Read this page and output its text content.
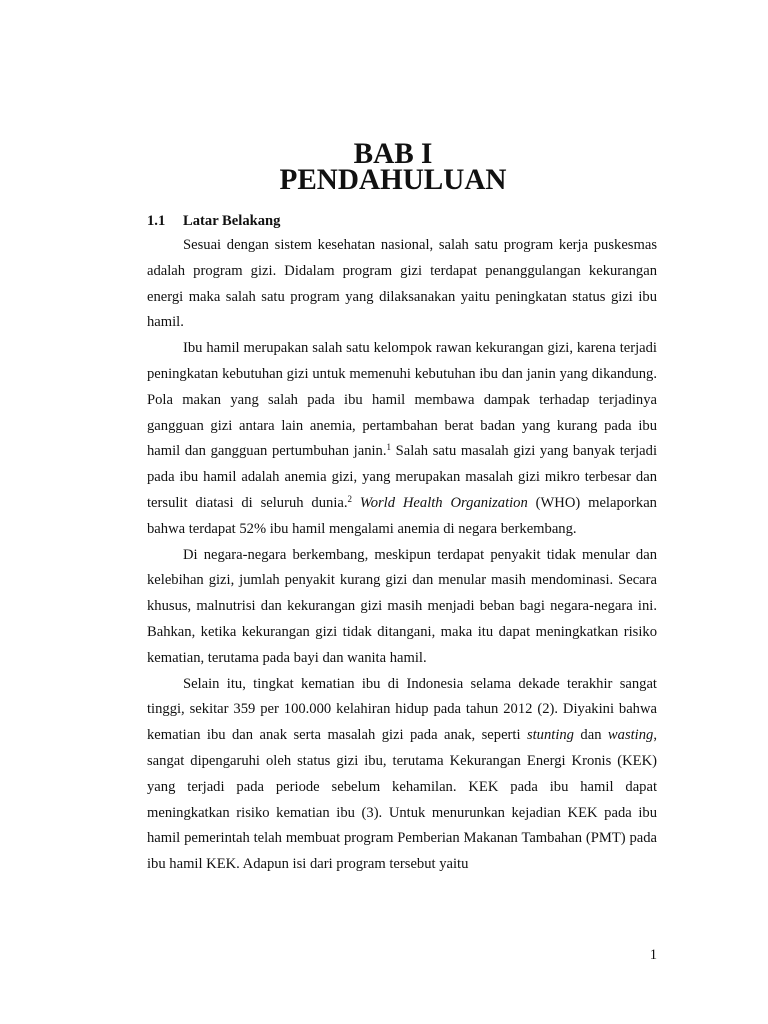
BAB I
PENDAHULUAN
1.1 Latar Belakang

Sesuai dengan sistem kesehatan nasional, salah satu program kerja puskesmas adalah program gizi. Didalam program gizi terdapat penanggulangan kekurangan energi maka salah satu program yang dilaksanakan yaitu peningkatan status gizi ibu hamil.

Ibu hamil merupakan salah satu kelompok rawan kekurangan gizi, karena terjadi peningkatan kebutuhan gizi untuk memenuhi kebutuhan ibu dan janin yang dikandung. Pola makan yang salah pada ibu hamil membawa dampak terhadap terjadinya gangguan gizi antara lain anemia, pertambahan berat badan yang kurang pada ibu hamil dan gangguan pertumbuhan janin.$^1$ Salah satu masalah gizi yang banyak terjadi pada ibu hamil adalah anemia gizi, yang merupakan masalah gizi mikro terbesar dan tersulit diatasi di seluruh dunia.$^2$ World Health Organization (WHO) melaporkan bahwa terdapat 52% ibu hamil mengalami anemia di negara berkembang.

Di negara-negara berkembang, meskipun terdapat penyakit tidak menular dan kelebihan gizi, jumlah penyakit kurang gizi dan menular masih mendominasi. Secara khusus, malnutrisi dan kekurangan gizi masih menjadi beban bagi negara-negara ini. Bahkan, ketika kekurangan gizi tidak ditangani, maka itu dapat meningkatkan risiko kematian, terutama pada bayi dan wanita hamil.

Selain itu, tingkat kematian ibu di Indonesia selama dekade terakhir sangat tinggi, sekitar 359 per 100.000 kelahiran hidup pada tahun 2012 (2). Diyakini bahwa kematian ibu dan anak serta masalah gizi pada anak, seperti stunting dan wasting, sangat dipengaruhi oleh status gizi ibu, terutama Kekurangan Energi Kronis (KEK) yang terjadi pada periode sebelum kehamilan. KEK pada ibu hamil dapat meningkatkan risiko kematian ibu (3). Untuk menurunkan kejadian KEK pada ibu hamil pemerintah telah membuat program Pemberian Makanan Tambahan (PMT) pada ibu hamil KEK. Adapun isi dari program tersebut yaitu

1
